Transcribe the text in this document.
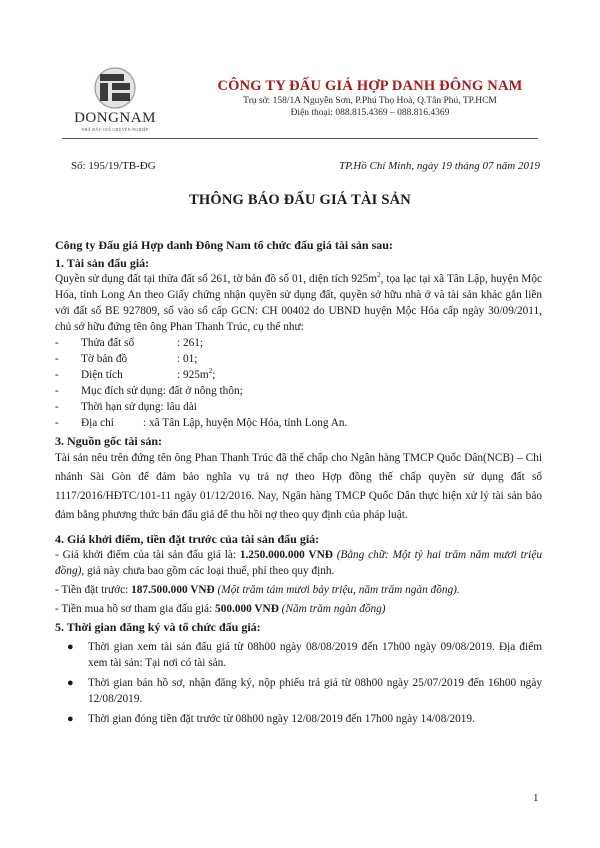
DONGNAM
NHÀ ĐẤU GIÁ CHUYÊN NGHIỆP
CÔNG TY ĐẤU GIÁ HỢP DANH ĐÔNG NAM
Trụ sở: 158/1A Nguyễn Sơn, P.Phú Thọ Hoà, Q.Tân Phú, TP.HCM
Điện thoại: 088.815.4369 – 088.816.4369
Số: 195/19/TB-ĐG	TP.Hồ Chí Minh, ngày 19 tháng 07 năm 2019
THÔNG BÁO ĐẤU GIÁ TÀI SẢN

Công ty Đấu giá Hợp danh Đông Nam tổ chức đấu giá tài sản sau:

1. Tài sản đấu giá:

Quyền sử dụng đất tại thửa đất số 261, tờ bản đồ số 01, diện tích $925m^2$, tọa lạc tại xã Tân Lập, huyện Mộc Hóa, tỉnh Long An theo Giấy chứng nhận quyền sử dụng đất, quyền sở hữu nhà ở và tài sản khác gắn liền với đất số BE 927809, số vào sổ cấp GCN: CH 00402 do UBND huyện Mộc Hóa cấp ngày 30/09/2011, chủ sở hữu đứng tên ông Phan Thanh Trúc, cụ thể như:

- Thửa đất số	: 261;
- Tờ bản đồ	: 01;
- Diện tích	: $925m^2$;
- Mục đích sử dụng: đất ở nông thôn;
- Thời hạn sử dụng: lâu dài
- Địa chỉ	: xã Tân Lập, huyện Mộc Hóa, tỉnh Long An.

3. Nguồn gốc tài sản:

Tài sản nêu trên đứng tên ông Phan Thanh Trúc đã thế chấp cho Ngân hàng TMCP Quốc Dân(NCB) – Chi nhánh Sài Gòn để đảm bảo nghĩa vụ trả nợ theo Hợp đồng thế chấp quyền sử dụng đất số 1117/2016/HĐTC/101-11 ngày 01/12/2016. Nay, Ngân hàng TMCP Quốc Dân thực hiện xử lý tài sản bảo đảm bằng phương thức bán đấu giá để thu hồi nợ theo quy định của pháp luật.

4. Giá khởi điểm, tiền đặt trước của tài sản đấu giá:

- Giá khởi điểm của tài sản đấu giá là: 1.250.000.000 VNĐ (Bằng chữ: Một tỷ hai trăm năm mươi triệu đồng), giá này chưa bao gồm các loại thuế, phí theo quy định.

- Tiền đặt trước: 187.500.000 VNĐ (Một trăm tám mươi bảy triệu, năm trăm ngàn đồng).

- Tiền mua hồ sơ tham gia đấu giá: 500.000 VNĐ (Năm trăm ngàn đồng)

5. Thời gian đăng ký và tổ chức đấu giá:

● Thời gian xem tài sản đấu giá từ 08h00 ngày 08/08/2019 đến 17h00 ngày 09/08/2019. Địa điểm xem tài sản: Tại nơi có tài sản.
● Thời gian bán hồ sơ, nhận đăng ký, nộp phiếu trả giá từ 08h00 ngày 25/07/2019 đến 16h00 ngày 12/08/2019.
● Thời gian đóng tiền đặt trước từ 08h00 ngày 12/08/2019 đến 17h00 ngày 14/08/2019.
1
